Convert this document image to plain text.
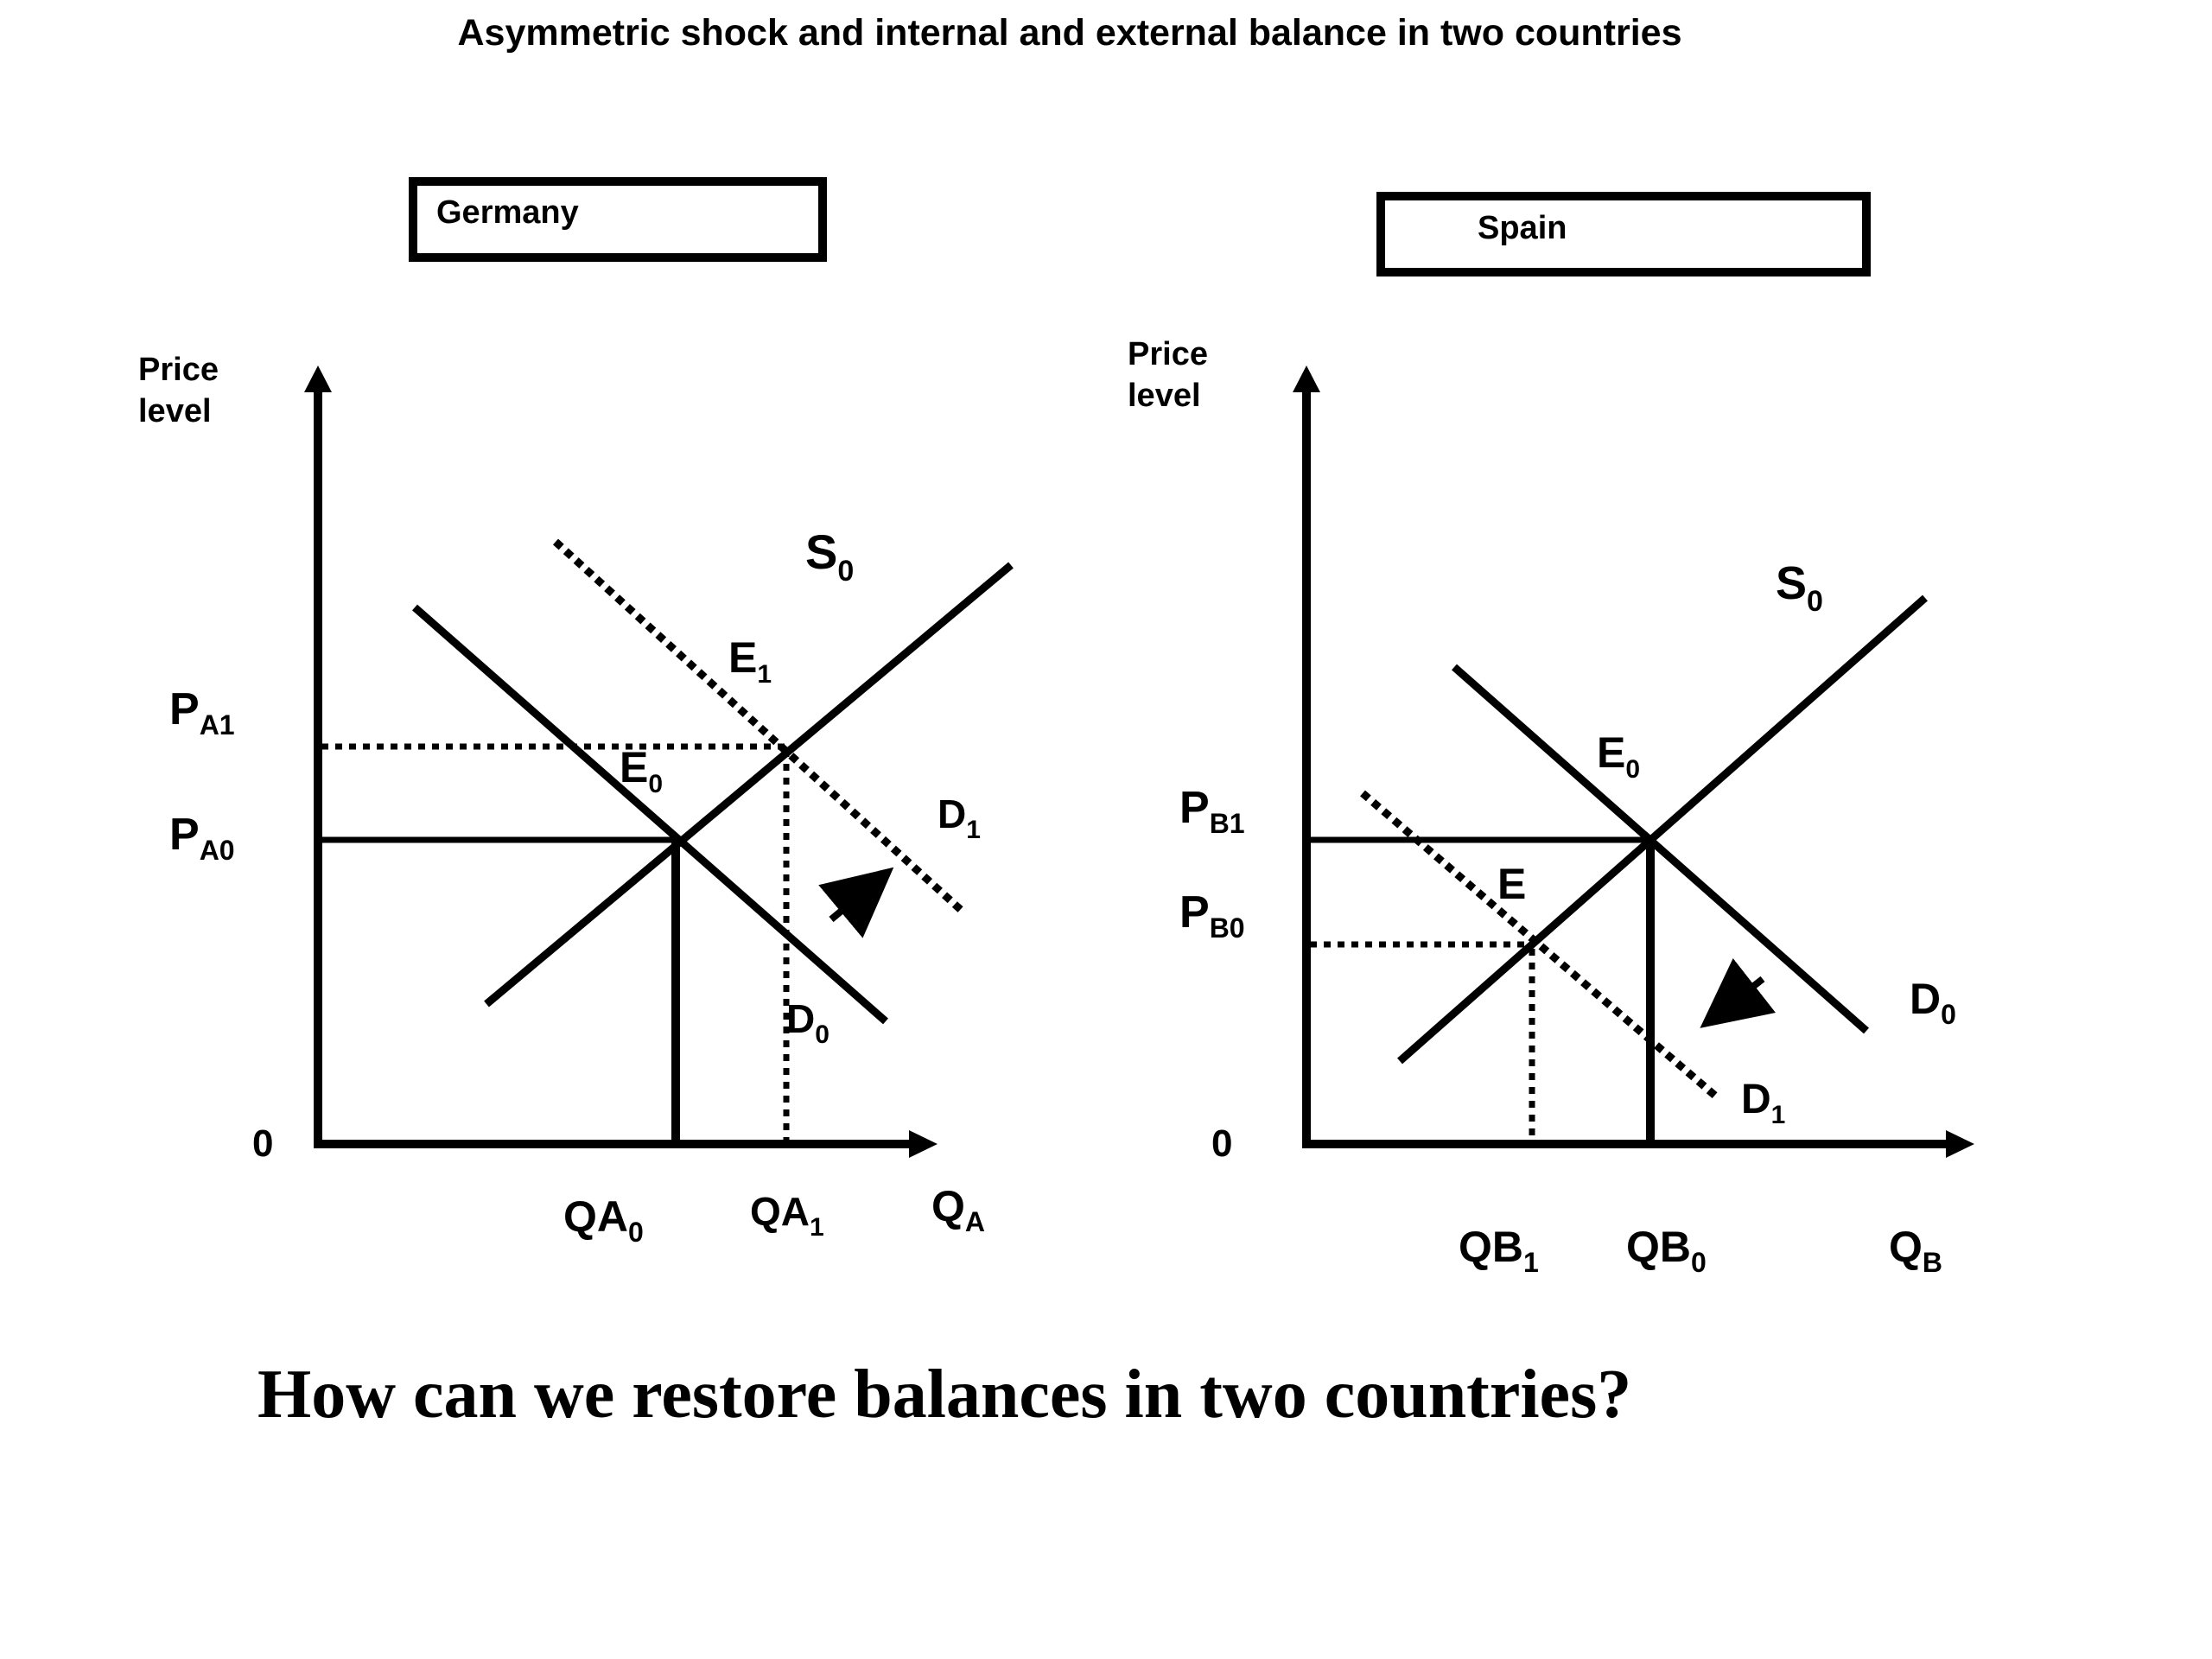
Asymmetric shock and internal and external balance in two countries
Germany
Price level
0
$P_{A1}$
$P_{A0}$
$QA_0$	$QA_1$ $Q_A$
$S_0$
$E_1$
$E_0$
$D_1$
$D_0$
Spain
Price level
0
$P_{B1}$
$P_{B0}$
$QB_1$ $QB_0$	$Q_B$
$S_0$
$E_0$
E
$D_0$
$D_1$
How can we restore balances in two countries?
